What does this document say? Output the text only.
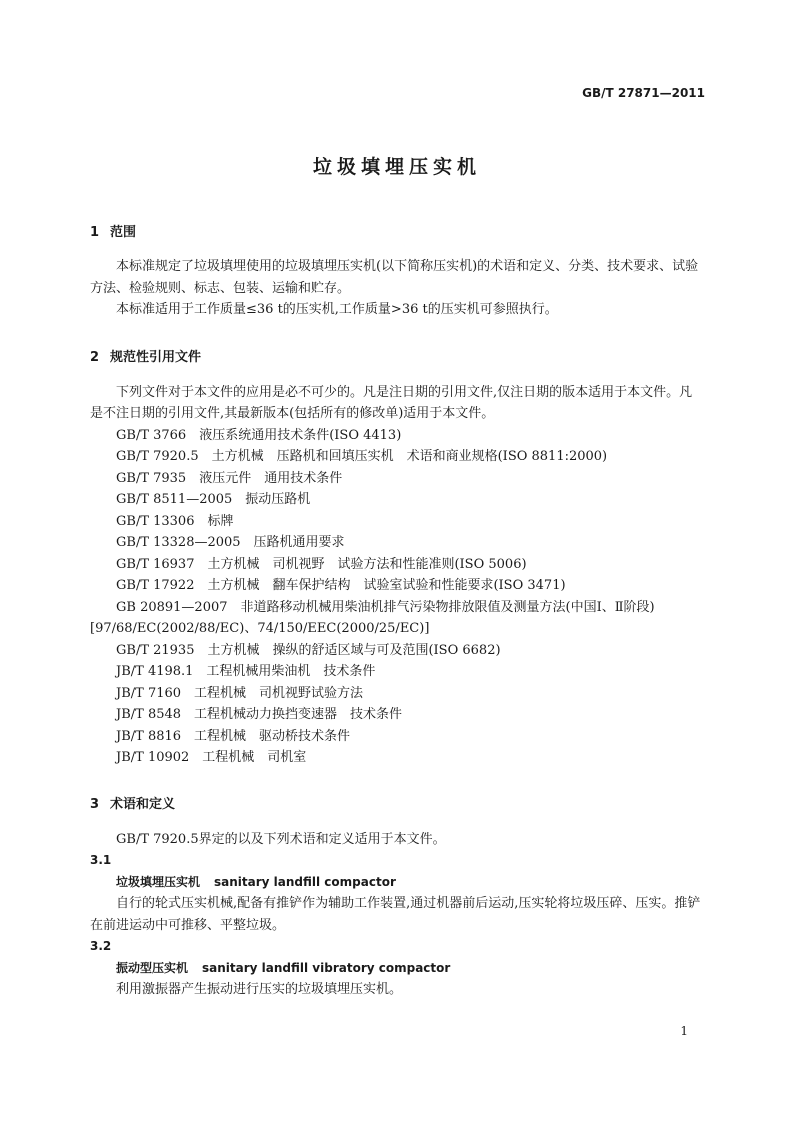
GB/T 27871—2011
垃圾填埋压实机
1 范围

本标准规定了垃圾填埋使用的垃圾填埋压实机(以下简称压实机)的术语和定义、分类、技术要求、试验方法、检验规则、标志、包装、运输和贮存。

本标准适用于工作质量≤36 t的压实机,工作质量>36 t的压实机可参照执行。

2 规范性引用文件

下列文件对于本文件的应用是必不可少的。凡是注日期的引用文件,仅注日期的版本适用于本文件。凡是不注日期的引用文件,其最新版本(包括所有的修改单)适用于本文件。

GB/T 3766　液压系统通用技术条件(ISO 4413)

GB/T 7920.5　土方机械　压路机和回填压实机　术语和商业规格(ISO 8811:2000)

GB/T 7935　液压元件　通用技术条件

GB/T 8511—2005　振动压路机

GB/T 13306　标牌

GB/T 13328—2005　压路机通用要求

GB/T 16937　土方机械　司机视野　试验方法和性能准则(ISO 5006)

GB/T 17922　土方机械　翻车保护结构　试验室试验和性能要求(ISO 3471)

GB 20891—2007　非道路移动机械用柴油机排气污染物排放限值及测量方法(中国Ⅰ、Ⅱ阶段)

[97/68/EC(2002/88/EC)、74/150/EEC(2000/25/EC)]

GB/T 21935　土方机械　操纵的舒适区域与可及范围(ISO 6682)

JB/T 4198.1　工程机械用柴油机　技术条件

JB/T 7160　工程机械　司机视野试验方法

JB/T 8548　工程机械动力换挡变速器　技术条件

JB/T 8816　工程机械　驱动桥技术条件

JB/T 10902　工程机械　司机室

3 术语和定义

GB/T 7920.5界定的以及下列术语和定义适用于本文件。

3.1
垃圾填埋压实机 sanitary landfill compactor

自行的轮式压实机械,配备有推铲作为辅助工作装置,通过机器前后运动,压实轮将垃圾压碎、压实。推铲在前进运动中可推移、平整垃圾。

3.2
振动型压实机 sanitary landfill vibratory compactor

利用激振器产生振动进行压实的垃圾填埋压实机。

1
